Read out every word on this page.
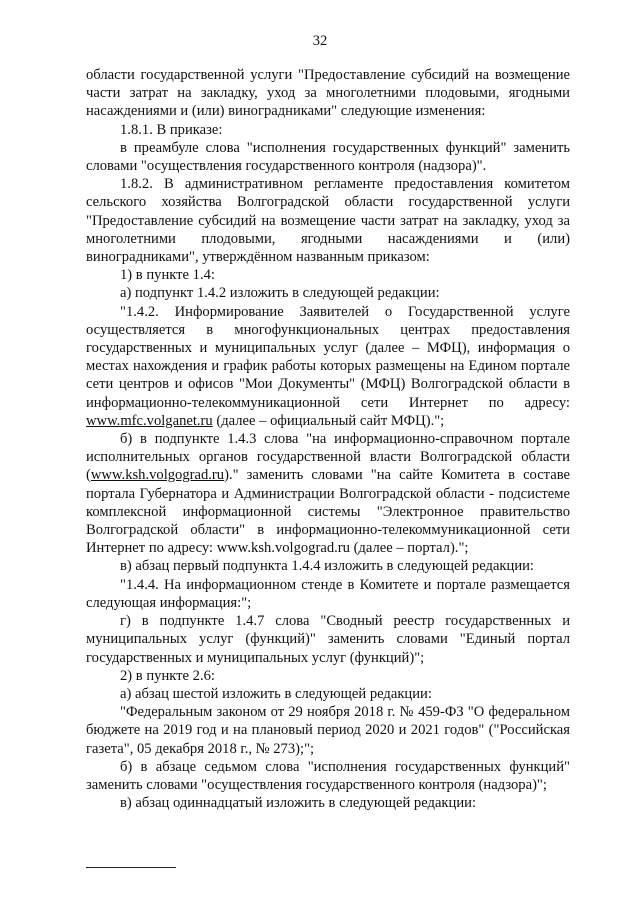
32

области государственной услуги "Предоставление субсидий на возмещение части затрат на закладку, уход за многолетними плодовыми, ягодными насаждениями и (или) виноградниками" следующие изменения:

1.8.1. В приказе:

в преамбуле слова "исполнения государственных функций" заменить словами "осуществления государственного контроля (надзора)".

1.8.2. В административном регламенте предоставления комитетом сельского хозяйства Волгоградской области государственной услуги "Предоставление субсидий на возмещение части затрат на закладку, уход за многолетними плодовыми, ягодными насаждениями и (или) виноградниками", утверждённом названным приказом:

1) в пункте 1.4:

а) подпункт 1.4.2 изложить в следующей редакции:

"1.4.2. Информирование Заявителей о Государственной услуге осуществляется в многофункциональных центрах предоставления государственных и муниципальных услуг (далее – МФЦ), информация о местах нахождения и график работы которых размещены на Едином портале сети центров и офисов "Мои Документы" (МФЦ) Волгоградской области в информационно-телекоммуникационной сети Интернет по адресу: www.mfc.volganet.ru (далее – официальный сайт МФЦ).";

б) в подпункте 1.4.3 слова "на информационно-справочном портале исполнительных органов государственной власти Волгоградской области (www.ksh.volgograd.ru)." заменить словами "на сайте Комитета в составе портала Губернатора и Администрации Волгоградской области - подсистеме комплексной информационной системы "Электронное правительство Волгоградской области" в информационно-телекоммуникационной сети Интернет по адресу: www.ksh.volgograd.ru (далее – портал).";

в) абзац первый подпункта 1.4.4 изложить в следующей редакции:

"1.4.4. На информационном стенде в Комитете и портале размещается следующая информация:";

г) в подпункте 1.4.7 слова "Сводный реестр государственных и муниципальных услуг (функций)" заменить словами "Единый портал государственных и муниципальных услуг (функций)";

2) в пункте 2.6:

а) абзац шестой изложить в следующей редакции:

"Федеральным законом от 29 ноября 2018 г. № 459-ФЗ "О федеральном бюджете на 2019 год и на плановый период 2020 и 2021 годов" ("Российская газета", 05 декабря 2018 г., № 273);";

б) в абзаце седьмом слова "исполнения государственных функций" заменить словами "осуществления государственного контроля (надзора)";

в) абзац одиннадцатый изложить в следующей редакции:
